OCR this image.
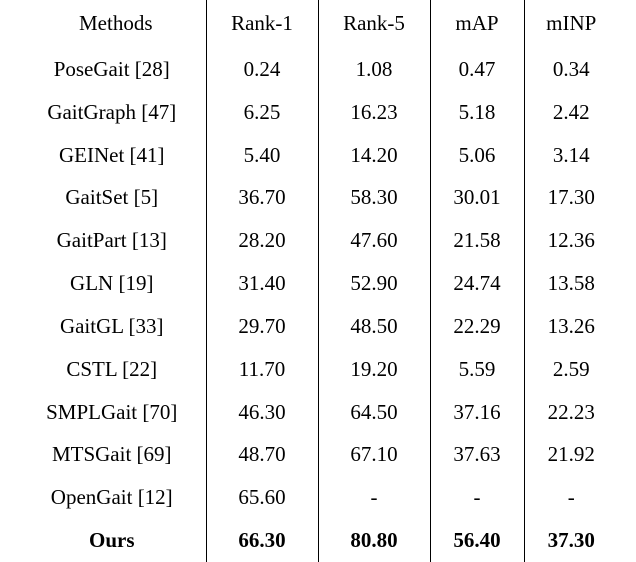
Methods	Rank-1	Rank-5	mAP	mINP
PoseGait [28]	0.24	1.08	0.47	0.34
GaitGraph [47]	6.25	16.23	5.18	2.42
GEINet [41]	5.40	14.20	5.06	3.14
GaitSet [5]	36.70	58.30	30.01	17.30
GaitPart [13]	28.20	47.60	21.58	12.36
GLN [19]	31.40	52.90	24.74	13.58
GaitGL [33]	29.70	48.50	22.29	13.26
CSTL [22]	11.70	19.20	5.59	2.59
SMPLGait [70]	46.30	64.50	37.16	22.23
MTSGait [69]	48.70	67.10	37.63	21.92
OpenGait [12]	65.60	-	-	-
Ours	66.30	80.80	56.40	37.30
